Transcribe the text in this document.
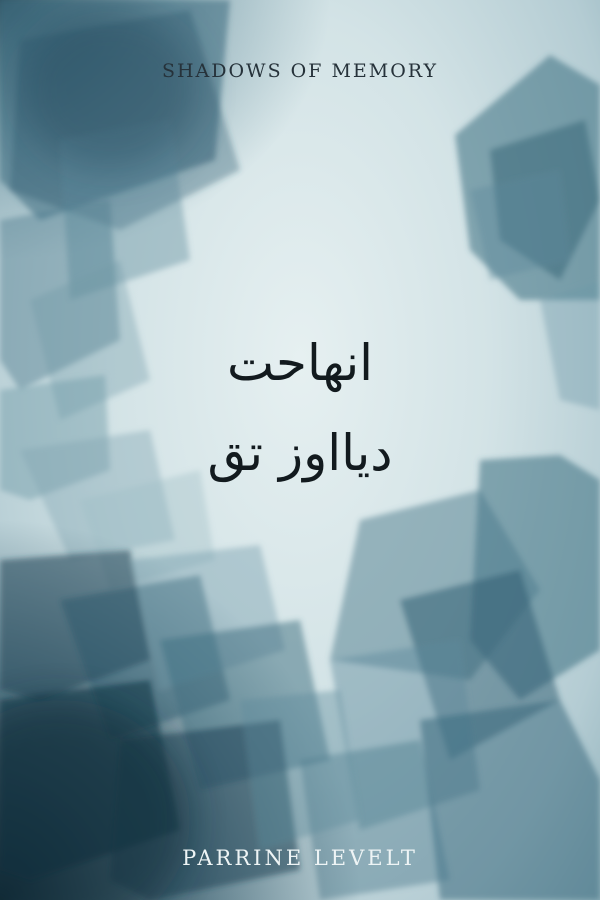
SHADOWS OF MEMORY
انهاحت
دیااوز تق
PARRINE LEVELT
